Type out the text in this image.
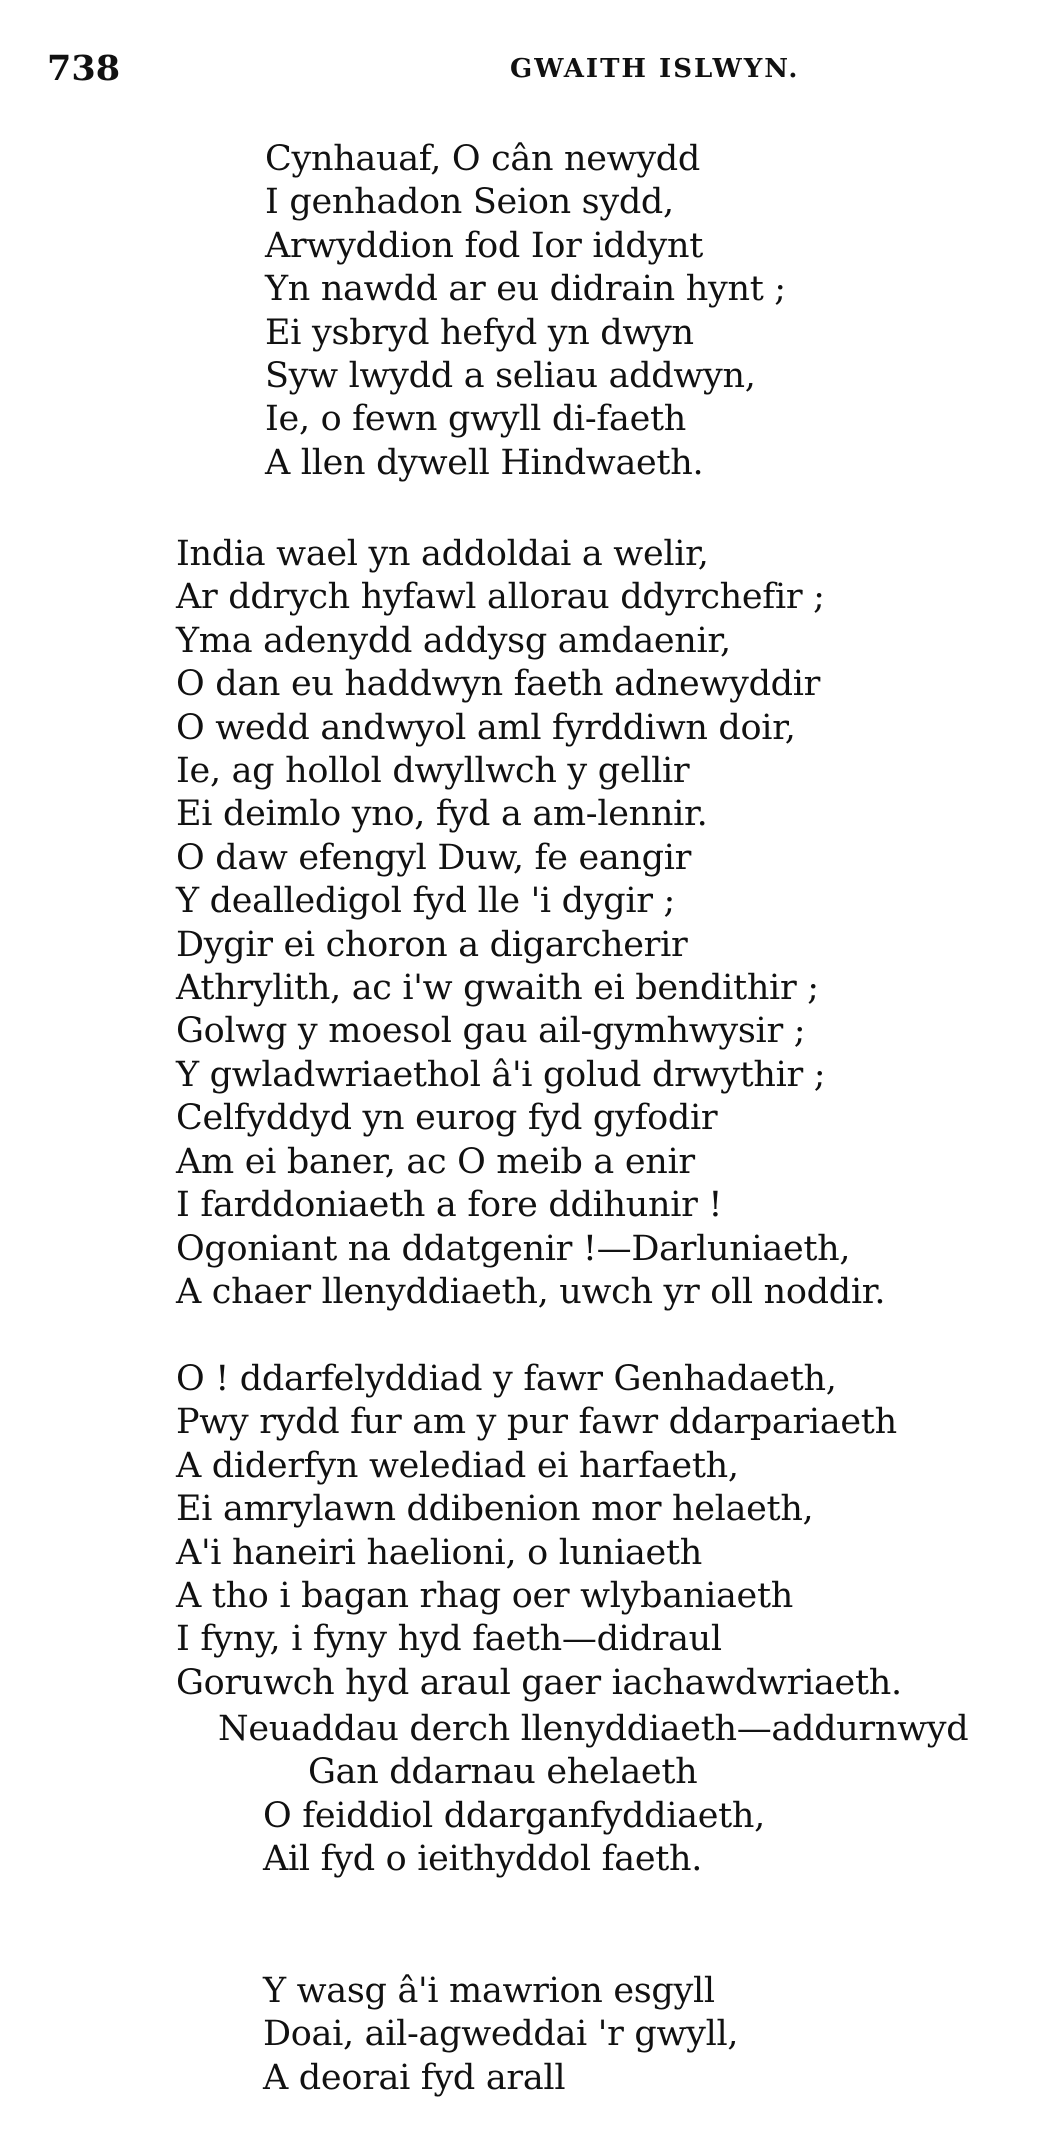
738	GWAITH ISLWYN.
Cynhauaf, O cân newydd
I genhadon Seion sydd,
Arwyddion fod Ior iddynt
Yn nawdd ar eu didrain hynt ;
Ei ysbryd hefyd yn dwyn
Syw lwydd a seliau addwyn,
Ie, o fewn gwyll di-faeth
A llen dywell Hindwaeth.
India wael yn addoldai a welir,
Ar ddrych hyfawl allorau ddyrchefir ;
Yma adenydd addysg amdaenir,
O dan eu haddwyn faeth adnewyddir
O wedd andwyol aml fyrddiwn doir,
Ie, ag hollol dwyllwch y gellir
Ei deimlo yno, fyd a am-lennir.
O daw efengyl Duw, fe eangir
Y dealledigol fyd lle 'i dygir ;
Dygir ei choron a digarcherir
Athrylith, ac i'w gwaith ei bendithir ;
Golwg y moesol gau ail-gymhwysir ;
Y gwladwriaethol â'i golud drwythir ;
Celfyddyd yn eurog fyd gyfodir
Am ei baner, ac O meib a enir
I farddoniaeth a fore ddihunir !
Ogoniant na ddatgenir !—Darluniaeth,
A chaer llenyddiaeth, uwch yr oll noddir.
O ! ddarfelyddiad y fawr Genhadaeth,
Pwy rydd fur am y pur fawr ddarpariaeth
A diderfyn welediad ei harfaeth,
Ei amrylawn ddibenion mor helaeth,
A'i haneiri haelioni, o luniaeth
A tho i bagan rhag oer wlybaniaeth
I fyny, i fyny hyd faeth—didraul
Goruwch hyd araul gaer iachawdwriaeth.
Neuaddau derch llenyddiaeth—addurnwyd
Gan ddarnau ehelaeth
O feiddiol ddarganfyddiaeth,
Ail fyd o ieithyddol faeth.
Y wasg â'i mawrion esgyll
Doai, ail-agweddai 'r gwyll,
A deorai fyd arall
